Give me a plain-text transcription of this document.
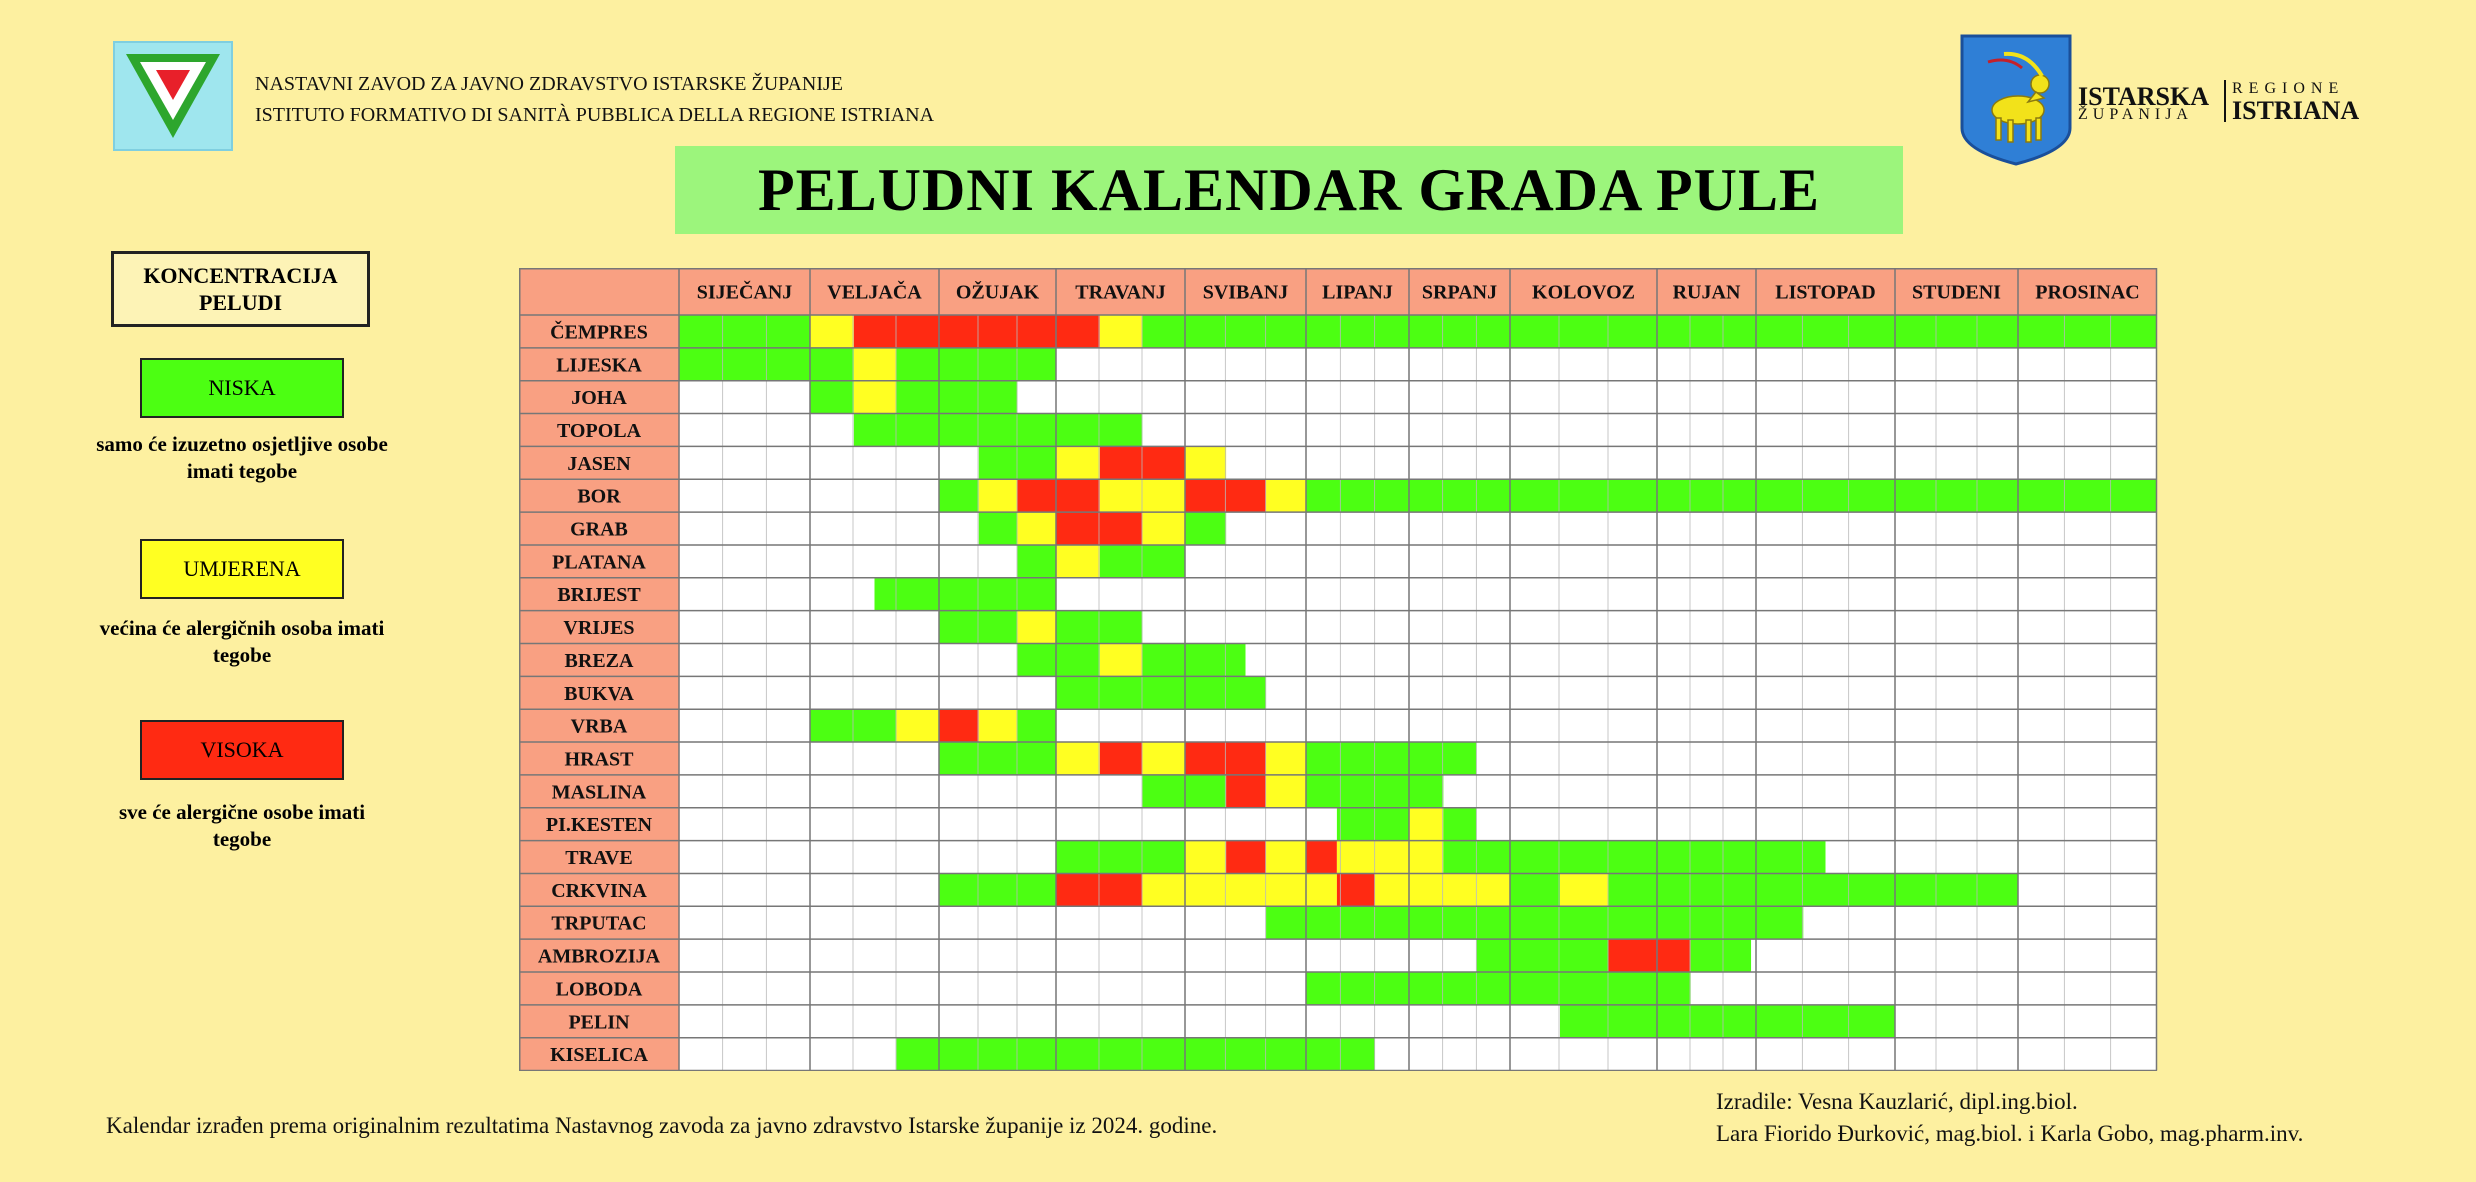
NASTAVNI ZAVOD ZA JAVNO ZDRAVSTVO ISTARSKE ŽUPANIJE
ISTITUTO FORMATIVO DI SANITÀ PUBBLICA DELLA REGIONE ISTRIANA
PELUDNI KALENDAR GRADA PULE
ISTARSKA
ŽUPANIJA
REGIONE
ISTRIANA
KONCENTRACIJA PELUDI
NISKA
samo će izuzetno osjetljive osobe imati tegobe
UMJERENA
većina će alergičnih osoba imati tegobe
VISOKA
sve će alergične osobe imati tegobe
SIJEČANJ VELJAČA OŽUJAK TRAVANJ SVIBANJ LIPANJ SRPANJ KOLOVOZ RUJAN LISTOPAD STUDENI PROSINAC
ČEMPRES
LIJESKA
JOHA
TOPOLA
JASEN
BOR
GRAB
PLATANA
BRIJEST
VRIJES
BREZA
BUKVA
VRBA
HRAST
MASLINA
PI.KESTEN
TRAVE
CRKVINA
TRPUTAC
AMBROZIJA
LOBODA
PELIN
KISELICA
Kalendar izrađen prema originalnim rezultatima Nastavnog zavoda za javno zdravstvo Istarske županije iz 2024. godine.
Izradile: Vesna Kauzlarić, dipl.ing.biol.
Lara Fiorido Đurković, mag.biol. i Karla Gobo, mag.pharm.inv.
